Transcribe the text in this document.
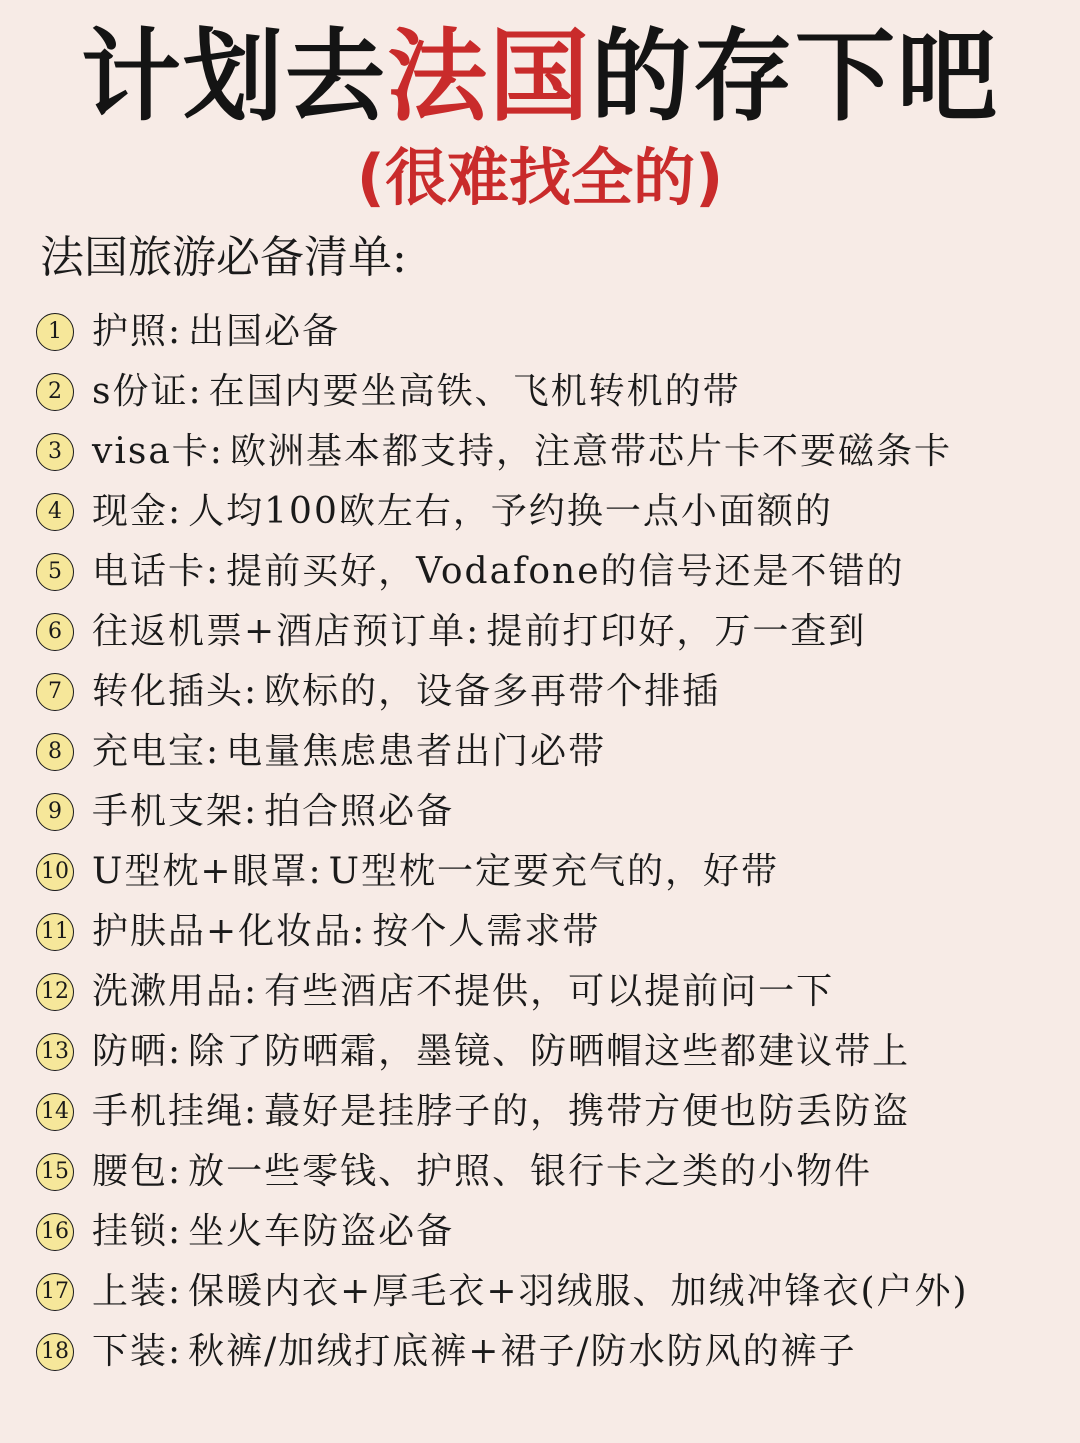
计划去法国的存下吧
(很难找全的)
法国旅游必备清单:
1 护照 : 出国必备
2 s份证 : 在国内要坐高铁、飞机转机的带
3 visa卡 : 欧洲基本都支持，注意带芯片卡不要磁条卡
4 现金 : 人均100欧左右，予约换一点小面额的
5 电话卡 : 提前买好，Vodafone的信号还是不错的
6 往返机票+酒店预订单 : 提前打印好，万一查到
7 转化插头 : 欧标的，设备多再带个排插
8 充电宝 : 电量焦虑患者出门必带
9 手机支架 : 拍合照必备
10 U型枕+眼罩 : U型枕一定要充气的，好带
11 护肤品+化妆品 : 按个人需求带
12 洗漱用品 : 有些酒店不提供，可以提前问一下
13 防晒 : 除了防晒霜，墨镜、防晒帽这些都建议带上
14 手机挂绳 : 蕞好是挂脖子的，携带方便也防丢防盗
15 腰包 : 放一些零钱、护照、银行卡之类的小物件
16 挂锁 : 坐火车防盗必备
17 上装 : 保暖内衣+厚毛衣+羽绒服、加绒冲锋衣(户外)
18 下装 : 秋裤/加绒打底裤+裙子/防水防风的裤子
